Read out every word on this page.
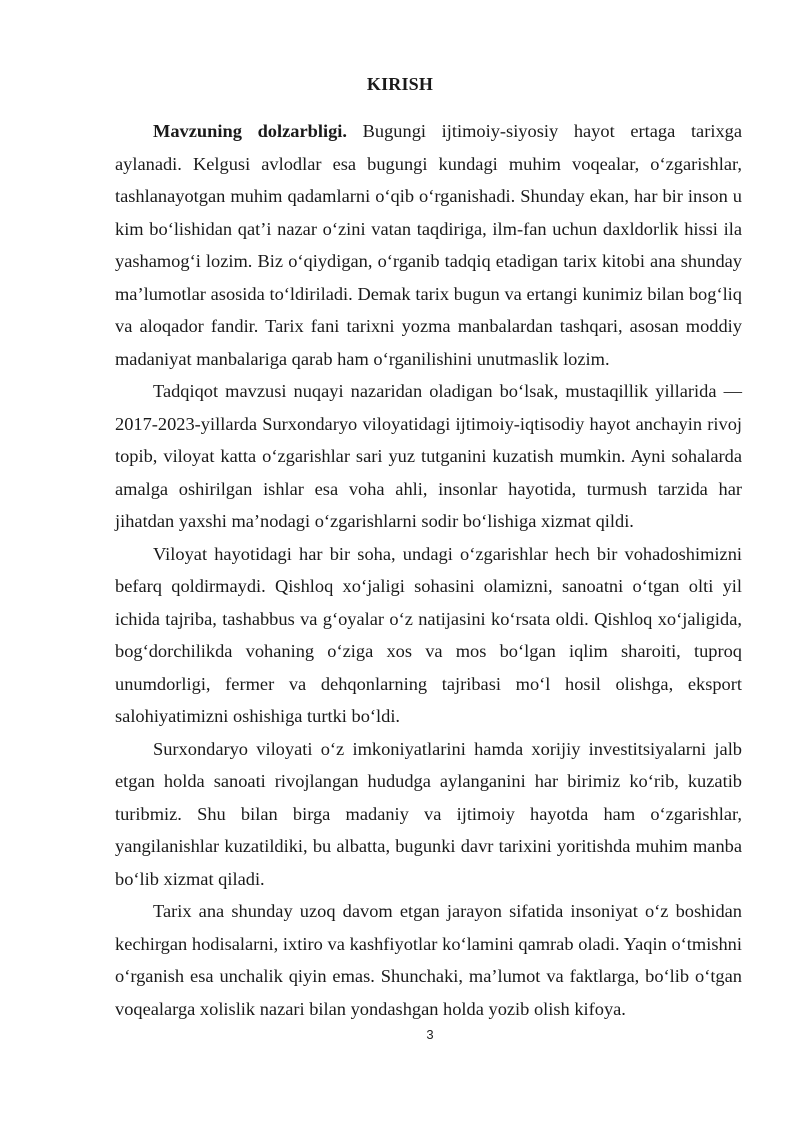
KIRISH

Mavzuning dolzarbligi. Bugungi ijtimoiy-siyosiy hayot ertaga tarixga aylanadi. Kelgusi avlodlar esa bugungi kundagi muhim voqealar, o‘zgarishlar, tashlanayotgan muhim qadamlarni o‘qib o‘rganishadi. Shunday ekan, har bir inson u kim bo‘lishidan qat’i nazar o‘zini vatan taqdiriga, ilm-fan uchun daxldorlik hissi ila yashamog‘i lozim. Biz o‘qiydigan, o‘rganib tadqiq etadigan tarix kitobi ana shunday ma’lumotlar asosida to‘ldiriladi. Demak tarix bugun va ertangi kunimiz bilan bog‘liq va aloqador fandir. Tarix fani tarixni yozma manbalardan tashqari, asosan moddiy madaniyat manbalariga qarab ham o‘rganilishini unutmaslik lozim.

Tadqiqot mavzusi nuqayi nazaridan oladigan bo‘lsak, mustaqillik yillarida — 2017-2023-yillarda Surxondaryo viloyatidagi ijtimoiy-iqtisodiy hayot anchayin rivoj topib, viloyat katta o‘zgarishlar sari yuz tutganini kuzatish mumkin. Ayni sohalarda amalga oshirilgan ishlar esa voha ahli, insonlar hayotida, turmush tarzida har jihatdan yaxshi ma’nodagi o‘zgarishlarni sodir bo‘lishiga xizmat qildi.

Viloyat hayotidagi har bir soha, undagi o‘zgarishlar hech bir vohadoshimizni befarq qoldirmaydi. Qishloq xo‘jaligi sohasini olamizni, sanoatni o‘tgan olti yil ichida tajriba, tashabbus va g‘oyalar o‘z natijasini ko‘rsata oldi. Qishloq xo‘jaligida, bog‘dorchilikda vohaning o‘ziga xos va mos bo‘lgan iqlim sharoiti, tuproq unumdorligi, fermer va dehqonlarning tajribasi mo‘l hosil olishga, eksport salohiyatimizni oshishiga turtki bo‘ldi.

Surxondaryo viloyati o‘z imkoniyatlarini hamda xorijiy investitsiyalarni jalb etgan holda sanoati rivojlangan hududga aylanganini har birimiz ko‘rib, kuzatib turibmiz. Shu bilan birga madaniy va ijtimoiy hayotda ham o‘zgarishlar, yangilanishlar kuzatildiki, bu albatta, bugunki davr tarixini yoritishda muhim manba bo‘lib xizmat qiladi.

Tarix ana shunday uzoq davom etgan jarayon sifatida insoniyat o‘z boshidan kechirgan hodisalarni, ixtiro va kashfiyotlar ko‘lamini qamrab oladi. Yaqin o‘tmishni o‘rganish esa unchalik qiyin emas. Shunchaki, ma’lumot va faktlarga, bo‘lib o‘tgan voqealarga xolislik nazari bilan yondashgan holda yozib olish kifoya.

3
